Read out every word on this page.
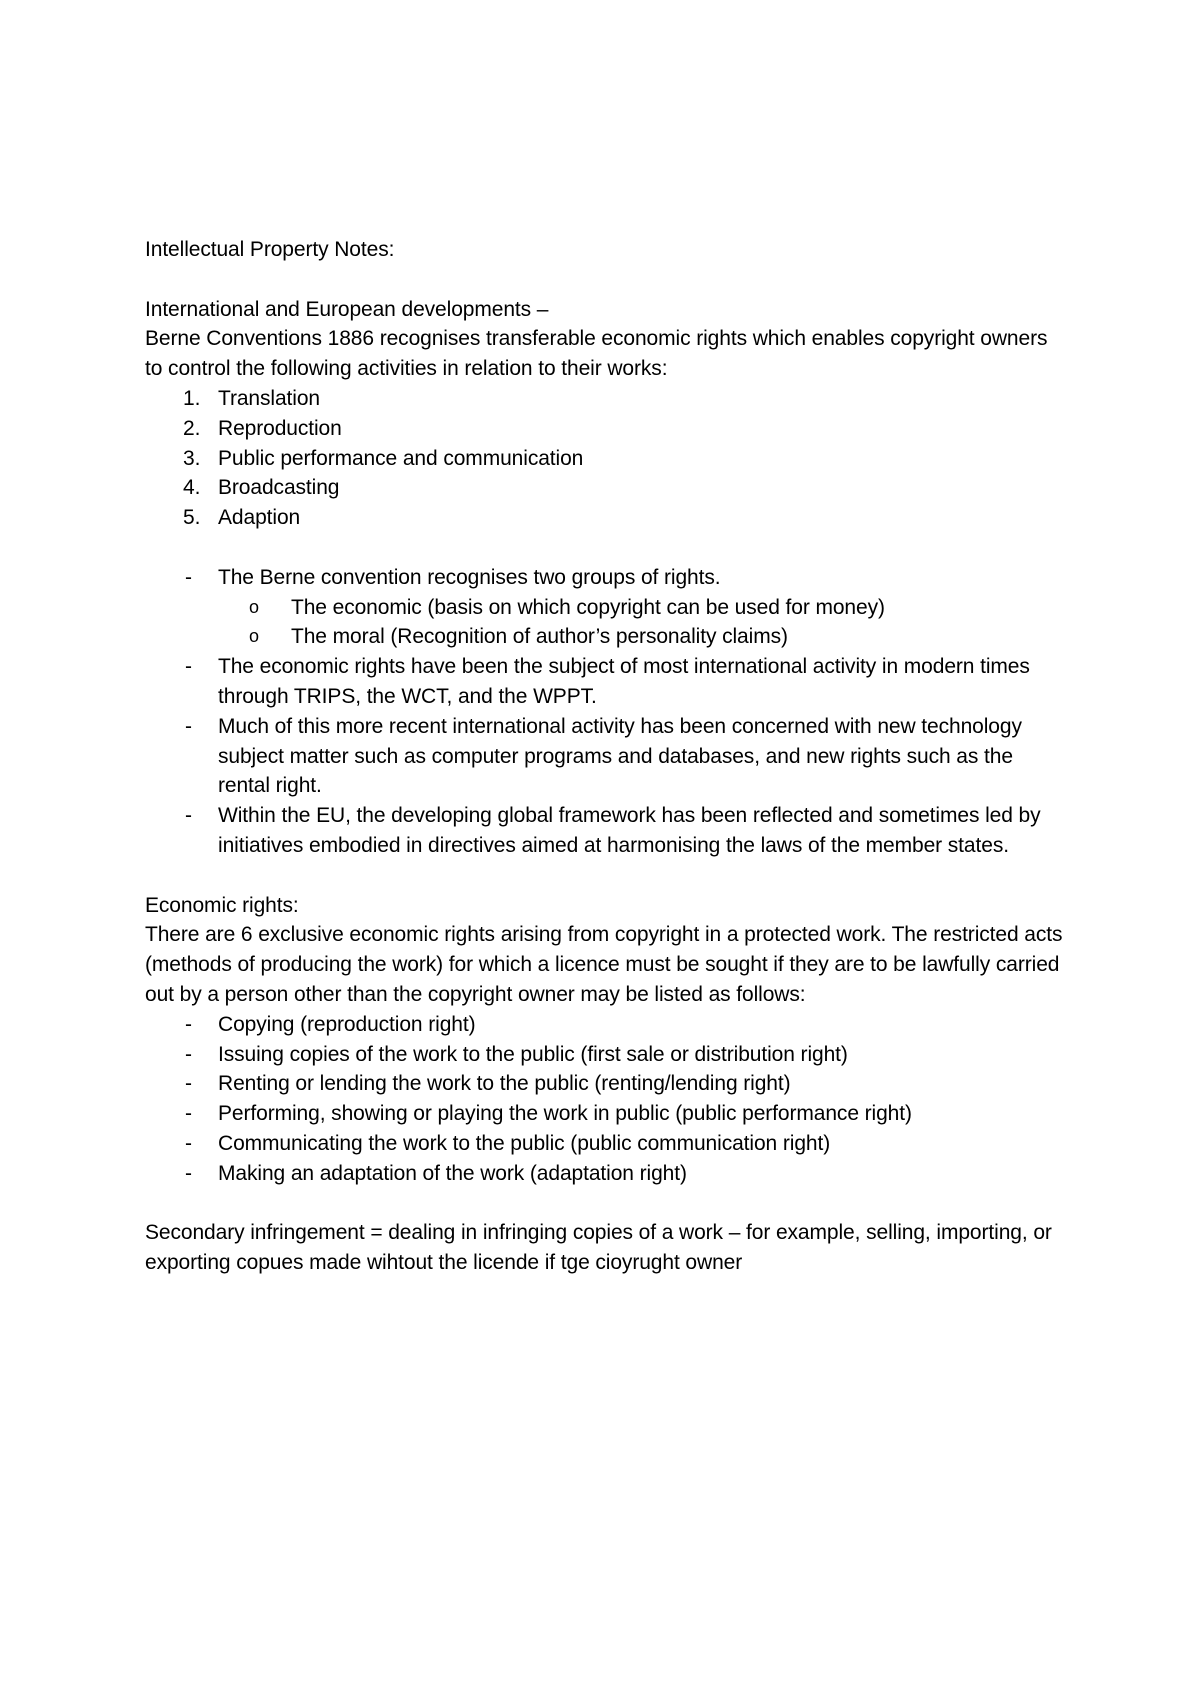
Intellectual Property Notes:

International and European developments –

Berne Conventions 1886 recognises transferable economic rights which enables copyright owners to control the following activities in relation to their works:

1. Translation
2. Reproduction
3. Public performance and communication
4. Broadcasting
5. Adaption
-	The Berne convention recognises two groups of rights.
o	The economic (basis on which copyright can be used for money)
o	The moral (Recognition of author’s personality claims)
-	The economic rights have been the subject of most international activity in modern times through TRIPS, the WCT, and the WPPT.
-	Much of this more recent international activity has been concerned with new technology subject matter such as computer programs and databases, and new rights such as the rental right.
-	Within the EU, the developing global framework has been reflected and sometimes led by initiatives embodied in directives aimed at harmonising the laws of the member states.

Economic rights:

There are 6 exclusive economic rights arising from copyright in a protected work. The restricted acts (methods of producing the work) for which a licence must be sought if they are to be lawfully carried out by a person other than the copyright owner may be listed as follows:

-	Copying (reproduction right)
-	Issuing copies of the work to the public (first sale or distribution right)
-	Renting or lending the work to the public (renting/lending right)
-	Performing, showing or playing the work in public (public performance right)
-	Communicating the work to the public (public communication right)
-	Making an adaptation of the work (adaptation right)

Secondary infringement = dealing in infringing copies of a work – for example, selling, importing, or exporting copues made wihtout the licende if tge cioyrught owner
